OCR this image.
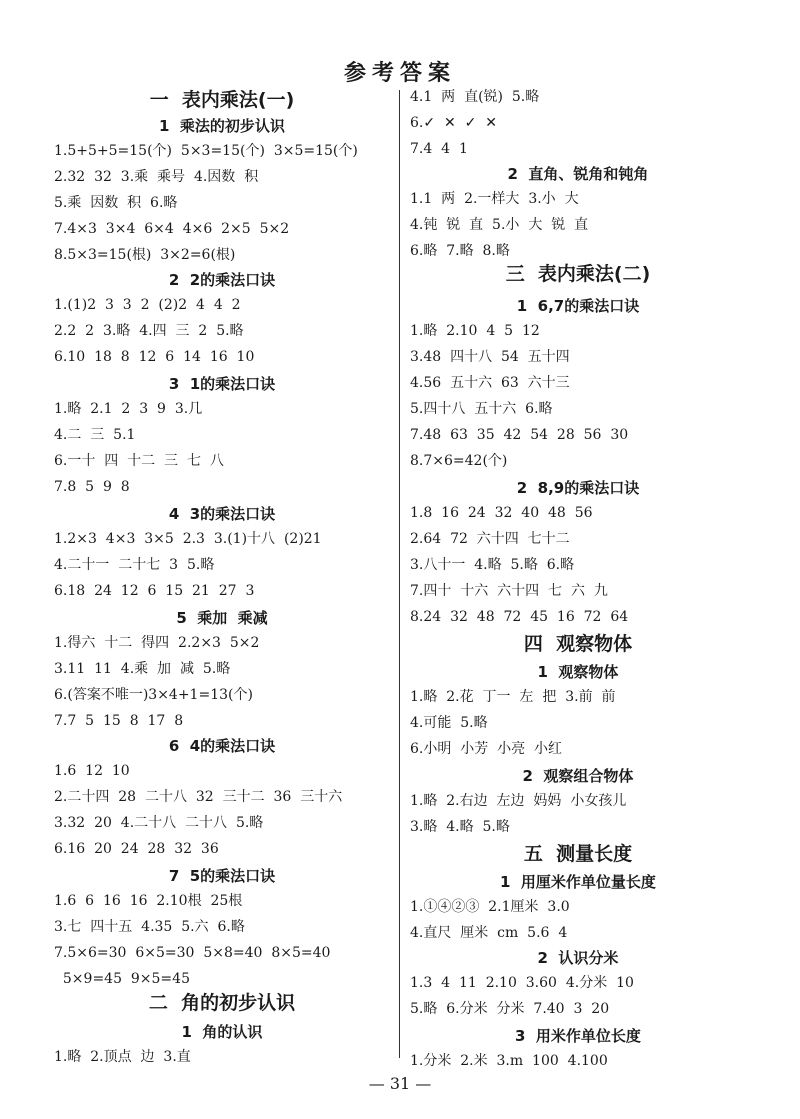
参考答案
一  表内乘法(一)
1  乘法的初步认识
1.5+5+5=15(个)  5×3=15(个)  3×5=15(个)
2.32  32  3.乘  乘号  4.因数  积
5.乘  因数  积  6.略
7.4×3  3×4  6×4  4×6  2×5  5×2
8.5×3=15(根)  3×2=6(根)
2  2的乘法口诀
1.(1)2  3  3  2  (2)2  4  4  2
2.2  2  3.略  4.四  三  2  5.略
6.10  18  8  12  6  14  16  10
3  1的乘法口诀
1.略  2.1  2  3  9  3.几
4.二  三  5.1
6.一十  四  十二  三  七  八
7.8  5  9  8
4  3的乘法口诀
1.2×3  4×3  3×5  2.3  3.(1)十八  (2)21
4.二十一  二十七  3  5.略
6.18  24  12  6  15  21  27  3
5  乘加  乘减
1.得六  十二  得四  2.2×3  5×2
3.11  11  4.乘  加  减  5.略
6.(答案不唯一)3×4+1=13(个)
7.7  5  15  8  17  8
6  4的乘法口诀
1.6  12  10
2.二十四  28  二十八  32  三十二  36  三十六
3.32  20  4.二十八  二十八  5.略
6.16  20  24  28  32  36
7  5的乘法口诀
1.6  6  16  16  2.10根  25根
3.七  四十五  4.35  5.六  6.略
7.5×6=30  6×5=30  5×8=40  8×5=40
5×9=45  9×5=45
二  角的初步认识
1  角的认识
1.略  2.顶点  边  3.直
4.1  两  直(锐)  5.略
6.✓  ✕  ✓  ✕
7.4  4  1
2  直角、锐角和钝角
1.1  两  2.一样大  3.小  大
4.钝  锐  直  5.小  大  锐  直
6.略  7.略  8.略
三  表内乘法(二)
1  6,7的乘法口诀
1.略  2.10  4  5  12
3.48  四十八  54  五十四
4.56  五十六  63  六十三
5.四十八  五十六  6.略
7.48  63  35  42  54  28  56  30
8.7×6=42(个)
2  8,9的乘法口诀
1.8  16  24  32  40  48  56
2.64  72  六十四  七十二
3.八十一  4.略  5.略  6.略
7.四十  十六  六十四  七  六  九
8.24  32  48  72  45  16  72  64
四  观察物体
1  观察物体
1.略  2.花  丁一  左  把  3.前  前
4.可能  5.略
6.小明  小芳  小亮  小红
2  观察组合物体
1.略  2.右边  左边  妈妈  小女孩儿
3.略  4.略  5.略
五  测量长度
1  用厘米作单位量长度
1.①④②③  2.1厘米  3.0
4.直尺  厘米  cm  5.6  4
2  认识分米
1.3  4  11  2.10  3.60  4.分米  10
5.略  6.分米  分米  7.40  3  20
3  用米作单位长度
1.分米  2.米  3.m  100  4.100
— 31 —
